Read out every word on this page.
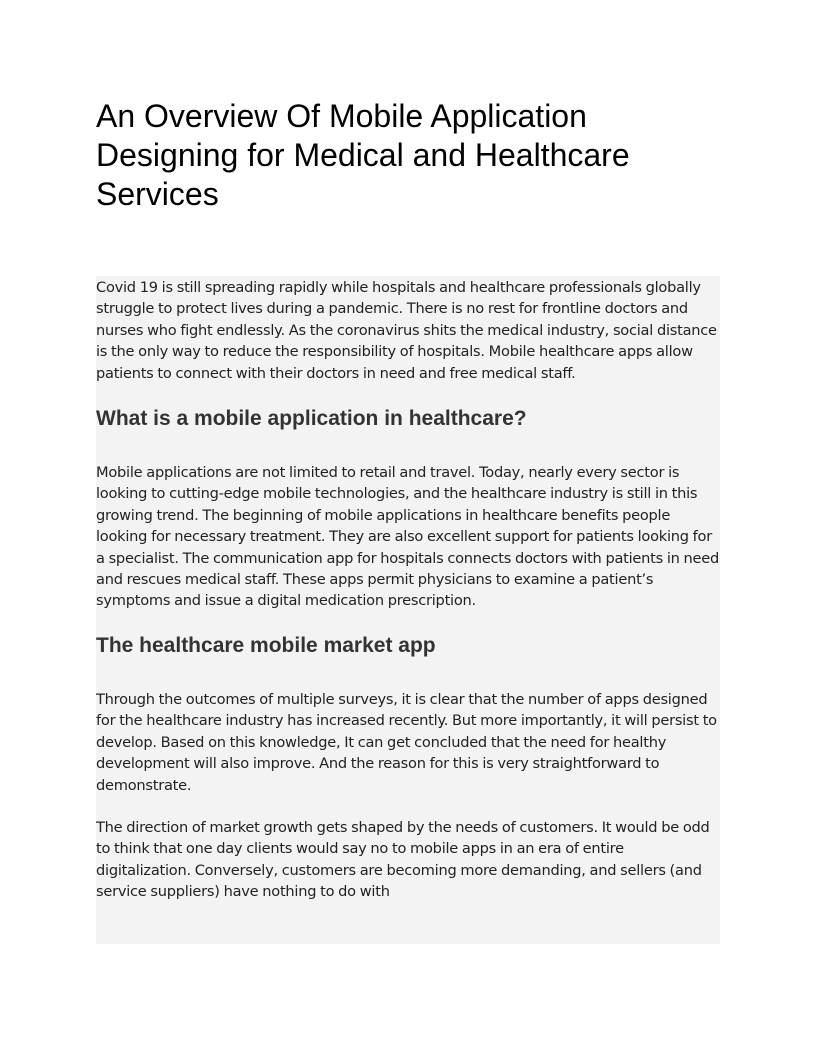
An Overview Of Mobile Application Designing for Medical and Healthcare Services

Covid 19 is still spreading rapidly while hospitals and healthcare professionals globally struggle to protect lives during a pandemic. There is no rest for frontline doctors and nurses who fight endlessly. As the coronavirus shits the medical industry, social distance is the only way to reduce the responsibility of hospitals. Mobile healthcare apps allow patients to connect with their doctors in need and free medical staff.

What is a mobile application in healthcare?

Mobile applications are not limited to retail and travel. Today, nearly every sector is looking to cutting-edge mobile technologies, and the healthcare industry is still in this growing trend. The beginning of mobile applications in healthcare benefits people looking for necessary treatment. They are also excellent support for patients looking for a specialist. The communication app for hospitals connects doctors with patients in need and rescues medical staff. These apps permit physicians to examine a patient’s symptoms and issue a digital medication prescription.

The healthcare mobile market app

Through the outcomes of multiple surveys, it is clear that the number of apps designed for the healthcare industry has increased recently. But more importantly, it will persist to develop. Based on this knowledge, It can get concluded that the need for healthy development will also improve. And the reason for this is very straightforward to demonstrate.

The direction of market growth gets shaped by the needs of customers. It would be odd to think that one day clients would say no to mobile apps in an era of entire digitalization. Conversely, customers are becoming more demanding, and sellers (and service suppliers) have nothing to do with
